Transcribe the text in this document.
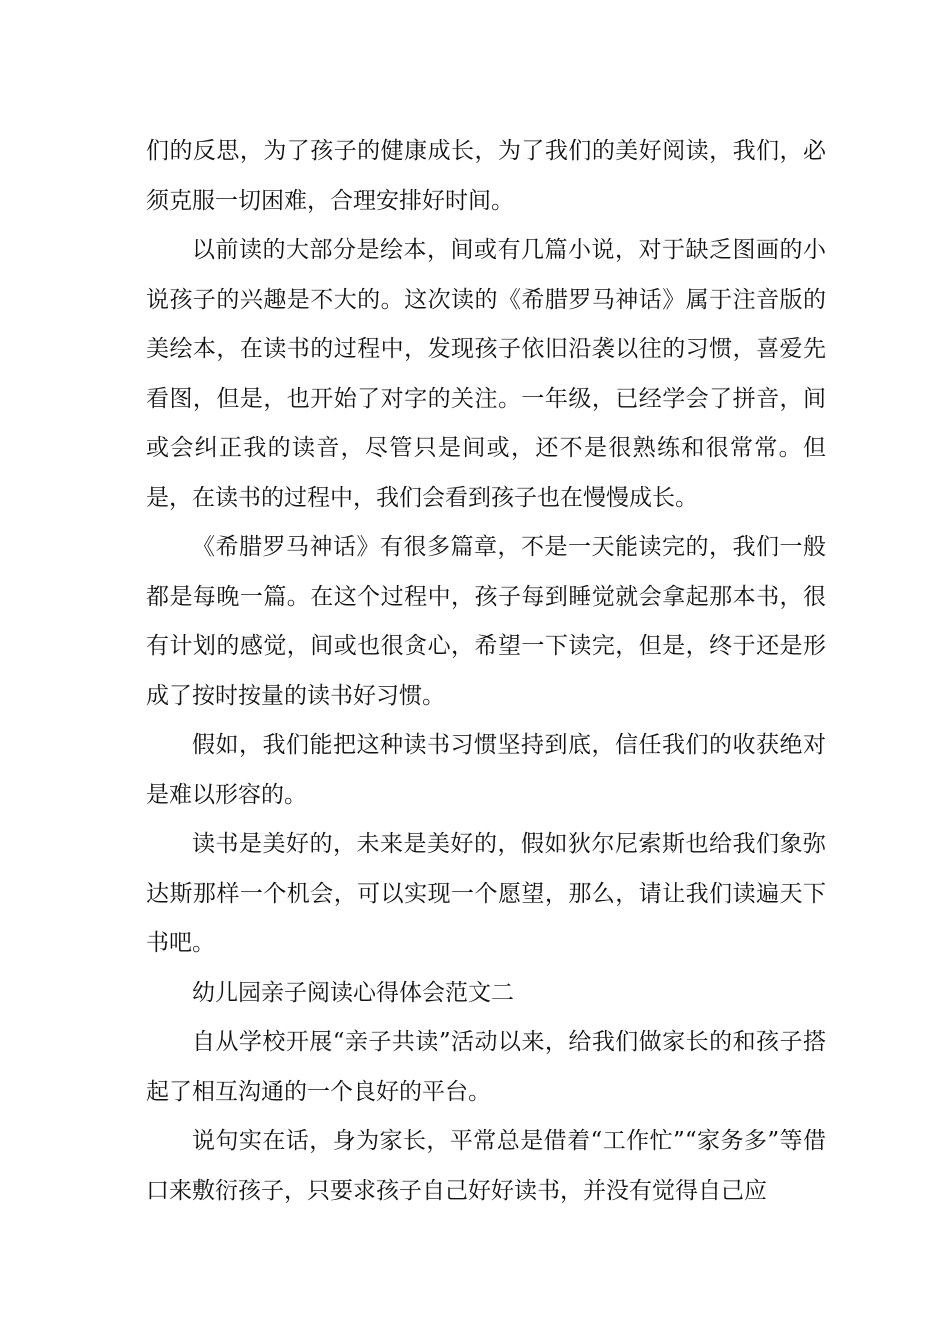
们的反思，为了孩子的健康成长，为了我们的美好阅读，我们，必须克服一切困难，合理安排好时间。

以前读的大部分是绘本，间或有几篇小说，对于缺乏图画的小说孩子的兴趣是不大的。这次读的《希腊罗马神话》属于注音版的美绘本，在读书的过程中，发现孩子依旧沿袭以往的习惯，喜爱先看图，但是，也开始了对字的关注。一年级，已经学会了拼音，间或会纠正我的读音，尽管只是间或，还不是很熟练和很常常。但是，在读书的过程中，我们会看到孩子也在慢慢成长。

《希腊罗马神话》有很多篇章，不是一天能读完的，我们一般都是每晚一篇。在这个过程中，孩子每到睡觉就会拿起那本书，很有计划的感觉，间或也很贪心，希望一下读完，但是，终于还是形成了按时按量的读书好习惯。

假如，我们能把这种读书习惯坚持到底，信任我们的收获绝对是难以形容的。

读书是美好的，未来是美好的，假如狄尔尼索斯也给我们象弥达斯那样一个机会，可以实现一个愿望，那么，请让我们读遍天下书吧。

幼儿园亲子阅读心得体会范文二

自从学校开展“亲子共读”活动以来，给我们做家长的和孩子搭起了相互沟通的一个良好的平台。

说句实在话，身为家长，平常总是借着“工作忙”“家务多”等借口来敷衍孩子，只要求孩子自己好好读书，并没有觉得自己应
